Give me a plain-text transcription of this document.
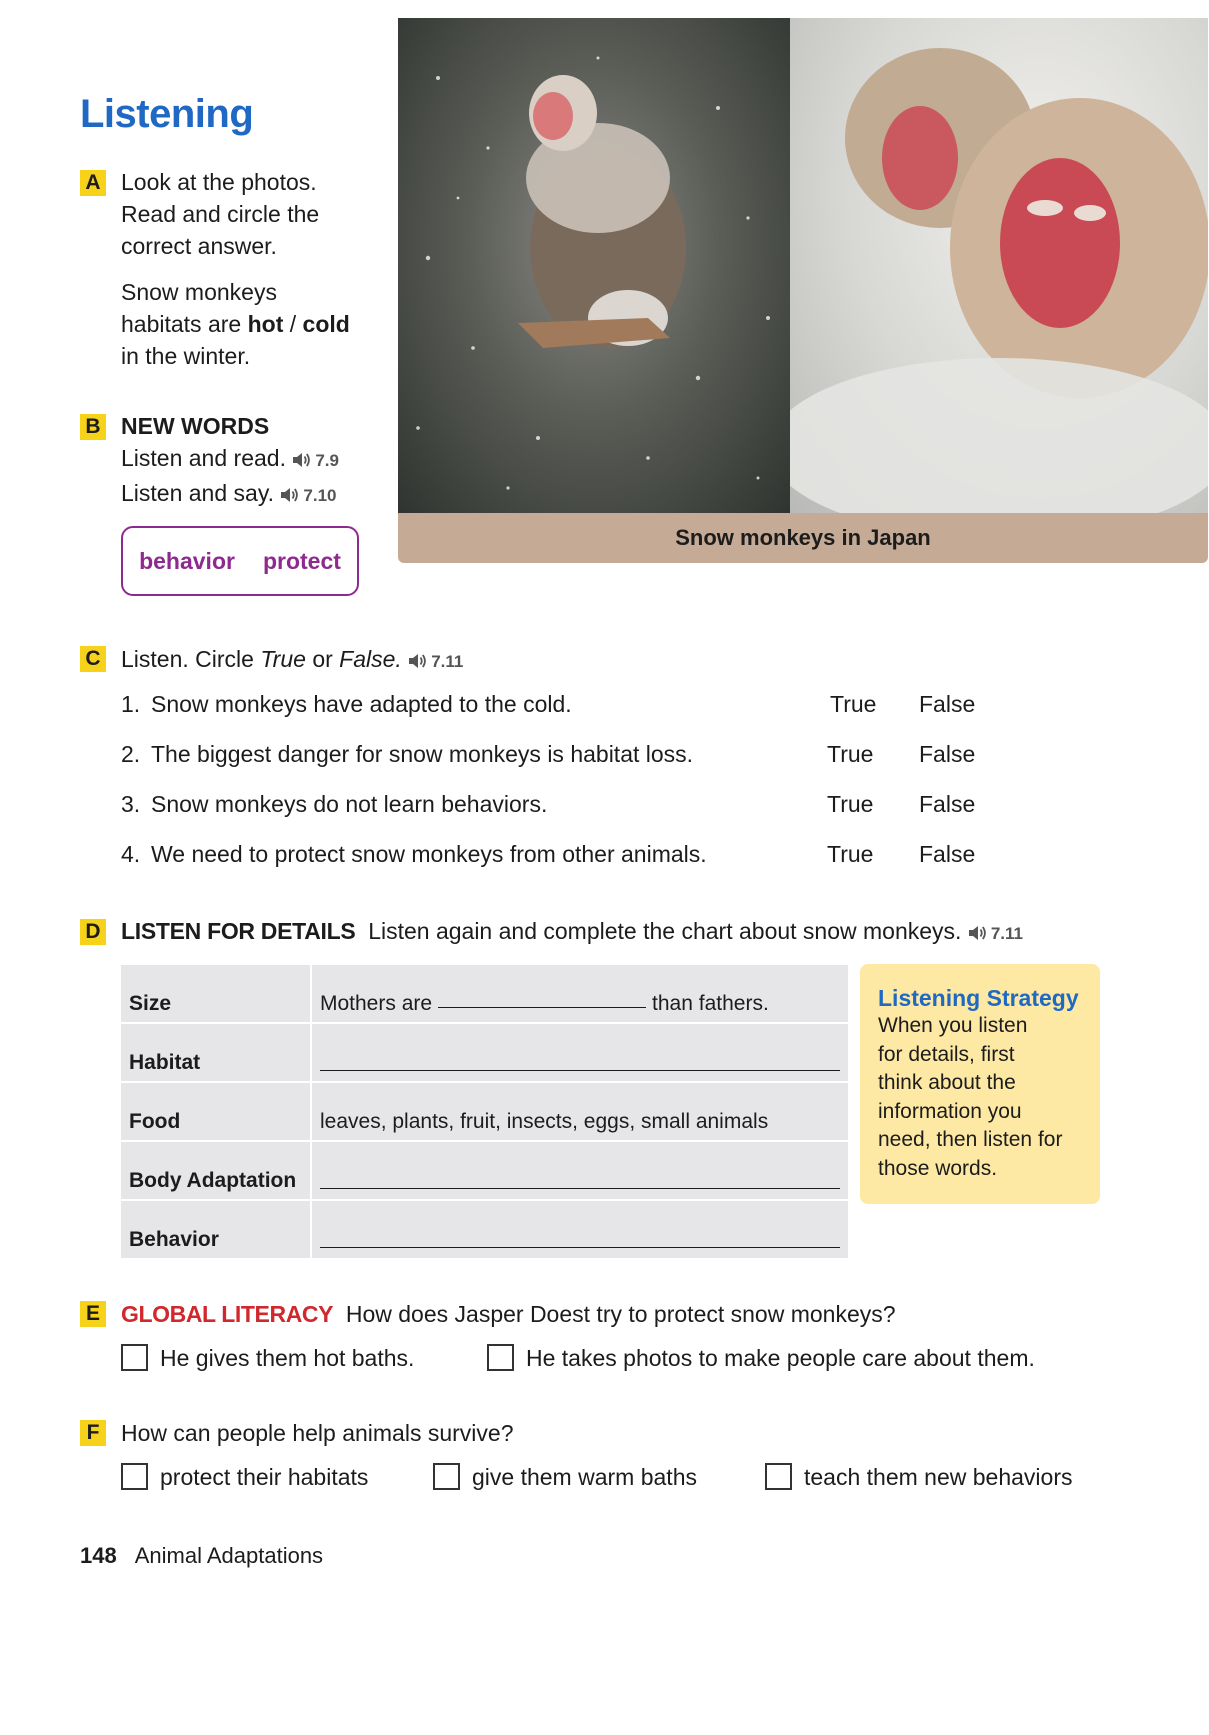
Listening
Snow monkeys in Japan
A Look at the photos.
Read and circle the
correct answer.
Snow monkeys
habitats are hot / cold
in the winter.
B NEW WORDS
Listen and read. 7.9
Listen and say. 7.10
behavior protect
C Listen. Circle True or False. 7.11
1. Snow monkeys have adapted to the cold.	True False
2. The biggest danger for snow monkeys is habitat loss.	True False
3. Snow monkeys do not learn behaviors.	True False
4. We need to protect snow monkeys from other animals.	True False
D LISTEN FOR DETAILS Listen again and complete the chart about snow monkeys. 7.11
Size	Mothers are	than fathers.
Habitat
Food	leaves, plants, fruit, insects, eggs, small animals
Body Adaptation
Behavior
Listening Strategy

When you listen

for details, first

think about the

information you

need, then listen for

those words.

E GLOBAL LITERACY How does Jasper Doest try to protect snow monkeys?
He gives them hot baths.	He takes photos to make people care about them.
F How can people help animals survive?
protect their habitats	give them warm baths	teach them new behaviors
148 Animal Adaptations
